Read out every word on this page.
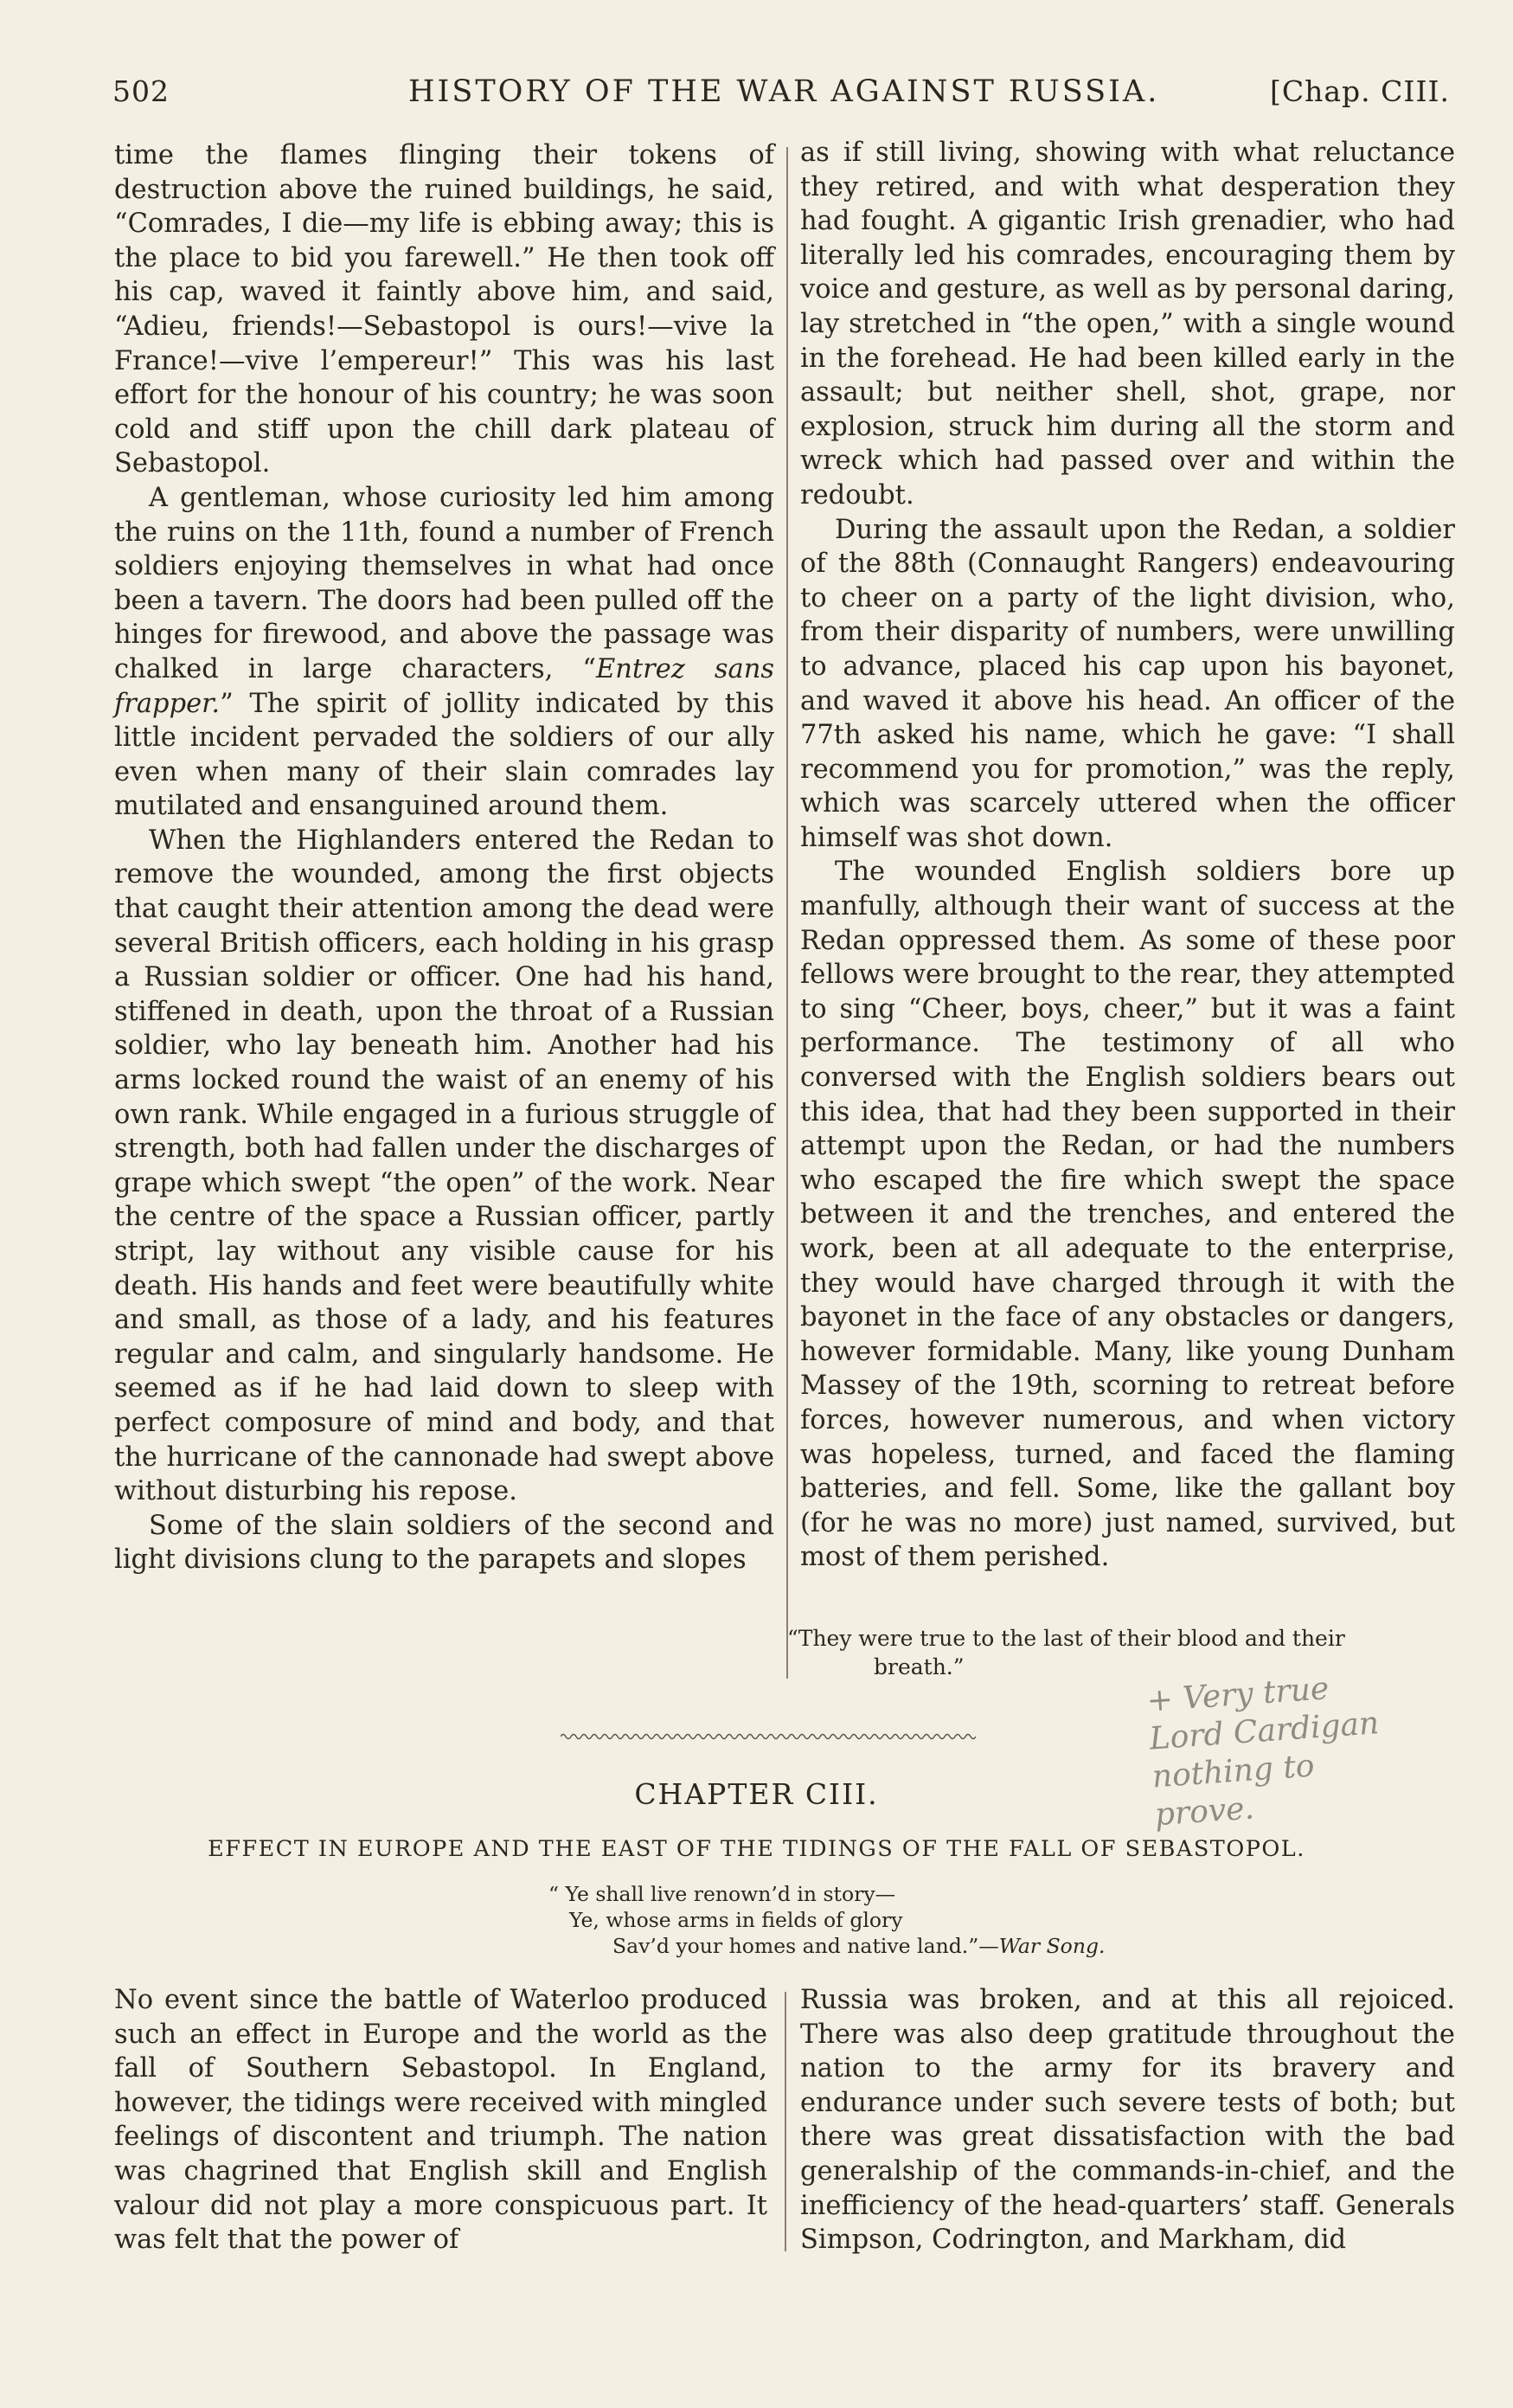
502	HISTORY OF THE WAR AGAINST RUSSIA.	[Chap. CIII.

time the flames flinging their tokens of destruction above the ruined buildings, he said, “Comrades, I die—my life is ebbing away; this is the place to bid you farewell.” He then took off his cap, waved it faintly above him, and said, “Adieu, friends!—Sebastopol is ours!—vive la France!—vive l’empereur!” This was his last effort for the honour of his country; he was soon cold and stiff upon the chill dark plateau of Sebastopol.

A gentleman, whose curiosity led him among the ruins on the 11th, found a number of French soldiers enjoying themselves in what had once been a tavern. The doors had been pulled off the hinges for firewood, and above the passage was chalked in large characters, “Entrez sans frapper.” The spirit of jollity indicated by this little incident pervaded the soldiers of our ally even when many of their slain comrades lay mutilated and ensanguined around them.

When the Highlanders entered the Redan to remove the wounded, among the first objects that caught their attention among the dead were several British officers, each holding in his grasp a Russian soldier or officer. One had his hand, stiffened in death, upon the throat of a Russian soldier, who lay beneath him. Another had his arms locked round the waist of an enemy of his own rank. While engaged in a furious struggle of strength, both had fallen under the discharges of grape which swept “the open” of the work. Near the centre of the space a Russian officer, partly stript, lay without any visible cause for his death. His hands and feet were beautifully white and small, as those of a lady, and his features regular and calm, and singularly handsome. He seemed as if he had laid down to sleep with perfect composure of mind and body, and that the hurricane of the cannonade had swept above without disturbing his repose.

Some of the slain soldiers of the second and light divisions clung to the parapets and slopes

as if still living, showing with what reluctance they retired, and with what desperation they had fought. A gigantic Irish grenadier, who had literally led his comrades, encouraging them by voice and gesture, as well as by personal daring, lay stretched in “the open,” with a single wound in the forehead. He had been killed early in the assault; but neither shell, shot, grape, nor explosion, struck him during all the storm and wreck which had passed over and within the redoubt.

During the assault upon the Redan, a soldier of the 88th (Connaught Rangers) endeavouring to cheer on a party of the light division, who, from their disparity of numbers, were unwilling to advance, placed his cap upon his bayonet, and waved it above his head. An officer of the 77th asked his name, which he gave: “I shall recommend you for promotion,” was the reply, which was scarcely uttered when the officer himself was shot down.

The wounded English soldiers bore up manfully, although their want of success at the Redan oppressed them. As some of these poor fellows were brought to the rear, they attempted to sing “Cheer, boys, cheer,” but it was a faint performance. The testimony of all who conversed with the English soldiers bears out this idea, that had they been supported in their attempt upon the Redan, or had the numbers who escaped the fire which swept the space between it and the trenches, and entered the work, been at all adequate to the enterprise, they would have charged through it with the bayonet in the face of any obstacles or dangers, however formidable. Many, like young Dunham Massey of the 19th, scorning to retreat before forces, however numerous, and when victory was hopeless, turned, and faced the flaming batteries, and fell. Some, like the gallant boy (for he was no more) just named, survived, but most of them perished.

“They were true to the last of their blood and their
breath.”
+ Very true
Lord Cardigan
nothing to
prove.
CHAPTER CIII.
EFFECT IN EUROPE AND THE EAST OF THE TIDINGS OF THE FALL OF SEBASTOPOL.
“ Ye shall live renown’d in story—
Ye, whose arms in fields of glory
Sav’d your homes and native land.”—War Song.

No event since the battle of Waterloo produced such an effect in Europe and the world as the fall of Southern Sebastopol. In England, however, the tidings were received with mingled feelings of discontent and triumph. The nation was chagrined that English skill and English valour did not play a more conspicuous part. It was felt that the power of

Russia was broken, and at this all rejoiced. There was also deep gratitude throughout the nation to the army for its bravery and endurance under such severe tests of both; but there was great dissatisfaction with the bad generalship of the commands-in-chief, and the inefficiency of the head-quarters’ staff. Generals Simpson, Codrington, and Markham, did
